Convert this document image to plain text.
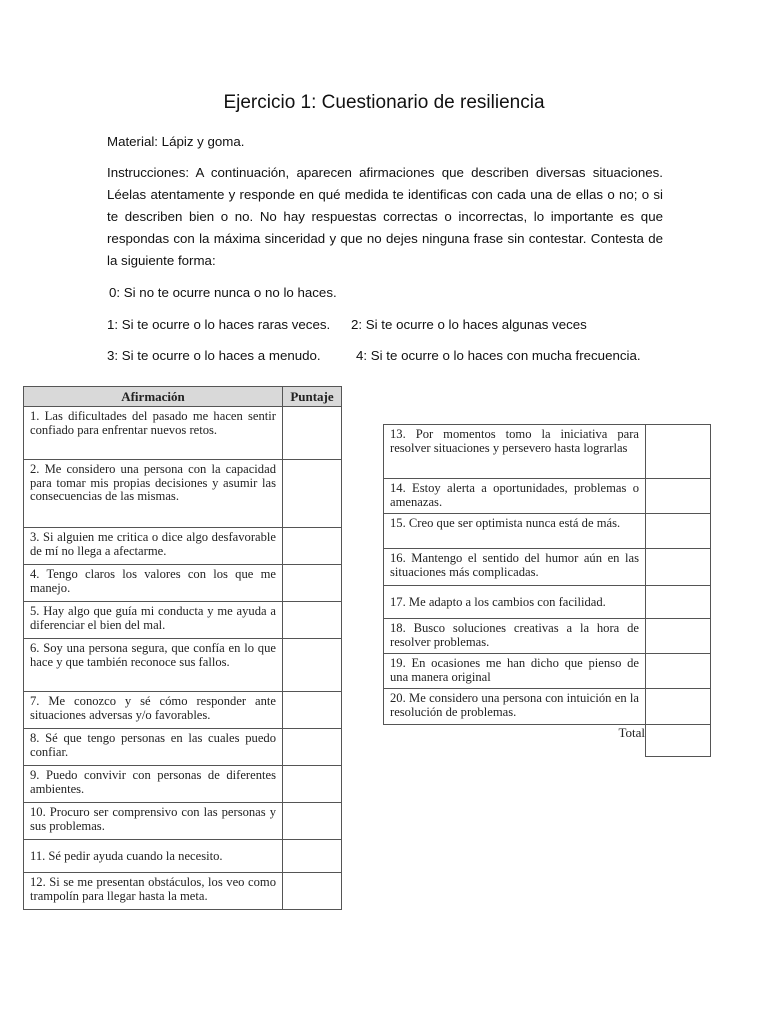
Ejercicio 1: Cuestionario de resiliencia
Material: Lápiz y goma.
Instrucciones: A continuación, aparecen afirmaciones que describen diversas situaciones. Léelas atentamente y responde en qué medida te identificas con cada una de ellas o no; o si te describen bien o no. No hay respuestas correctas o incorrectas, lo importante es que respondas con la máxima sinceridad y que no dejes ninguna frase sin contestar. Contesta de la siguiente forma:
0: Si no te ocurre nunca o no lo haces.
1: Si te ocurre o lo haces raras veces. 2: Si te ocurre o lo haces algunas veces
3: Si te ocurre o lo haces a menudo.	4: Si te ocurre o lo haces con mucha frecuencia.
Afirmación	Puntaje
1. Las dificultades del pasado me hacen sentir confiado para enfrentar nuevos retos.	
2. Me considero una persona con la capacidad para tomar mis propias decisiones y asumir las consecuencias de las mismas.	
3. Si alguien me critica o dice algo desfavorable de mí no llega a afectarme.	
4. Tengo claros los valores con los que me manejo.	
5. Hay algo que guía mi conducta y me ayuda a diferenciar el bien del mal.	
6. Soy una persona segura, que confía en lo que hace y que también reconoce sus fallos.	
7. Me conozco y sé cómo responder ante situaciones adversas y/o favorables.	
8. Sé que tengo personas en las cuales puedo confiar.	
9. Puedo convivir con personas de diferentes ambientes.	
10. Procuro ser comprensivo con las personas y sus problemas.	
11. Sé pedir ayuda cuando la necesito.	
12. Si se me presentan obstáculos, los veo como trampolín para llegar hasta la meta.	
13. Por momentos tomo la iniciativa para resolver situaciones y persevero hasta lograrlas	
14. Estoy alerta a oportunidades, problemas o amenazas.	
15. Creo que ser optimista nunca está de más.	
16. Mantengo el sentido del humor aún en las situaciones más complicadas.	
17. Me adapto a los cambios con facilidad.	
18. Busco soluciones creativas a la hora de resolver problemas.	
19. En ocasiones me han dicho que pienso de una manera original	
20. Me considero una persona con intuición en la resolución de problemas.	
Total	
